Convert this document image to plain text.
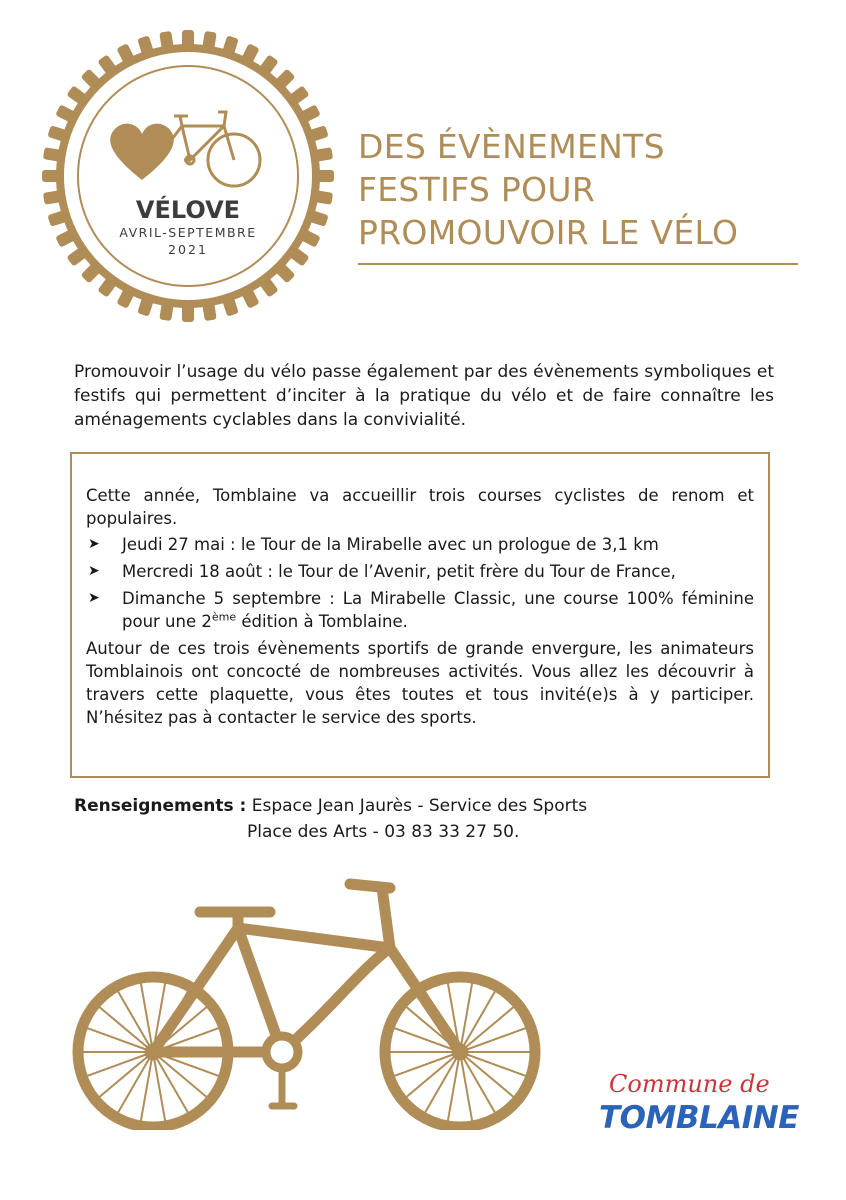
VÉLOVE
AVRIL-SEPTEMBRE
2021
DES ÉVÈNEMENTS
FESTIFS POUR
PROMOUVOIR LE VÉLO
Promouvoir l’usage du vélo passe également par des évènements symboliques et festifs qui permettent d’inciter à la pratique du vélo et de faire connaître les aménagements cyclables dans la convivialité.

Cette année, Tomblaine va accueillir trois courses cyclistes de renom et populaires.

➤ Jeudi 27 mai : le Tour de la Mirabelle avec un prologue de 3,1 km
➤ Mercredi 18 août : le Tour de l’Avenir, petit frère du Tour de France,
➤ Dimanche 5 septembre : La Mirabelle Classic, une course 100% féminine pour une 2ème édition à Tomblaine.

Autour de ces trois évènements sportifs de grande envergure, les animateurs Tomblainois ont concocté de nombreuses activités. Vous allez les découvrir à travers cette plaquette, vous êtes toutes et tous invité(e)s à y participer. N’hésitez pas à contacter le service des sports.

Renseignements : Espace Jean Jaurès - Service des Sports
Place des Arts - 03 83 33 27 50.
Commune de
TOMBLAINE
